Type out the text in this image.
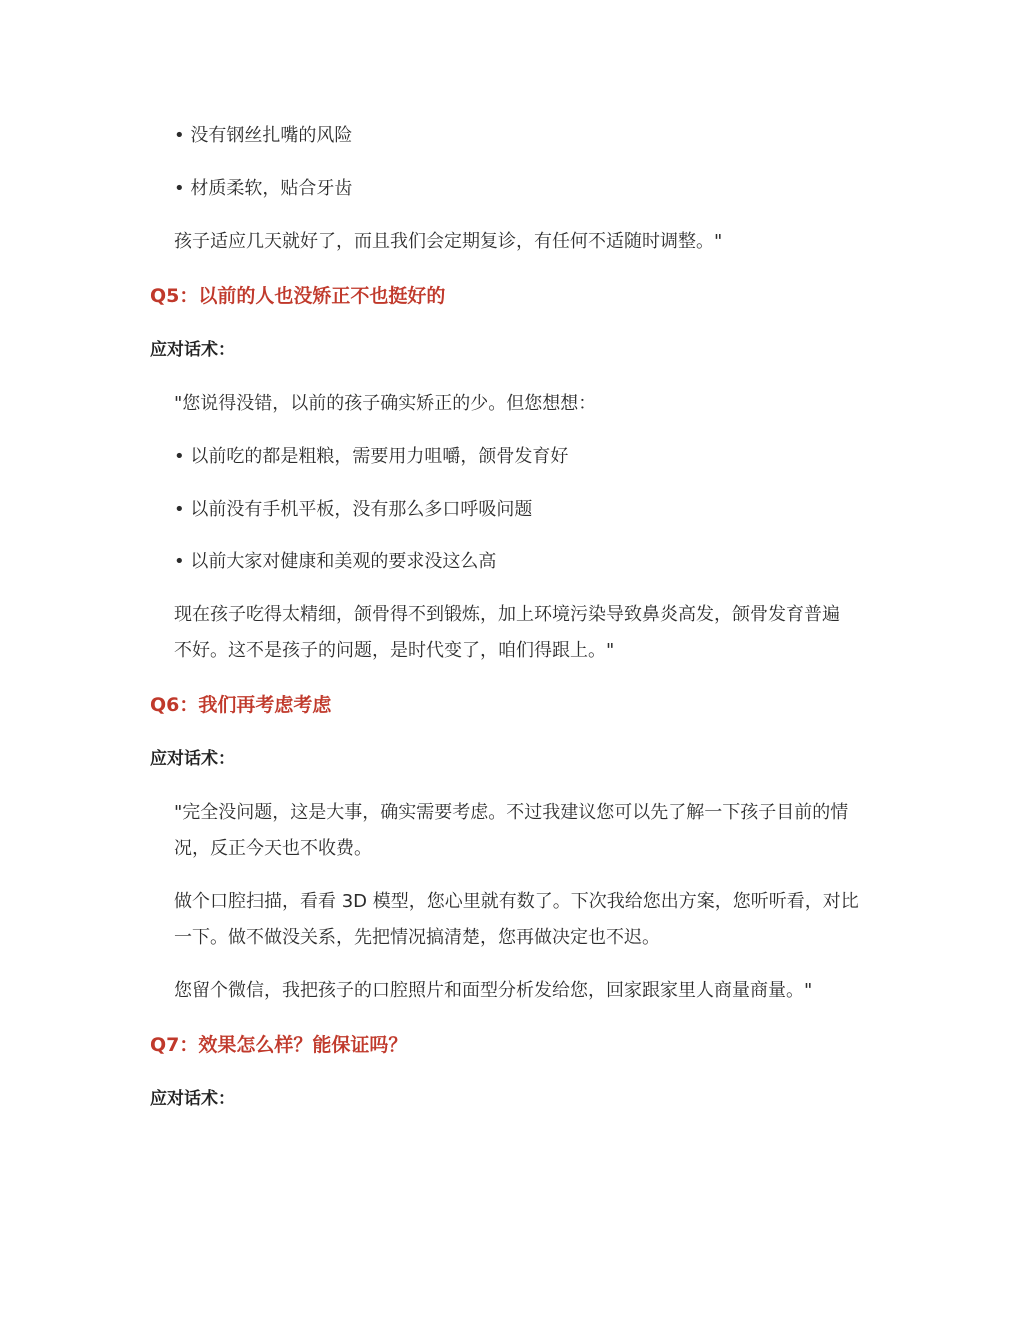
• 没有钢丝扎嘴的风险
• 材质柔软，贴合牙齿
孩子适应几天就好了，而且我们会定期复诊，有任何不适随时调整。"
Q5：以前的人也没矫正不也挺好的
应对话术：
"您说得没错，以前的孩子确实矫正的少。但您想想：
• 以前吃的都是粗粮，需要用力咀嚼，颌骨发育好
• 以前没有手机平板，没有那么多口呼吸问题
• 以前大家对健康和美观的要求没这么高
现在孩子吃得太精细，颌骨得不到锻炼，加上环境污染导致鼻炎高发，颌骨发育普遍
不好。这不是孩子的问题，是时代变了，咱们得跟上。"
Q6：我们再考虑考虑
应对话术：
"完全没问题，这是大事，确实需要考虑。不过我建议您可以先了解一下孩子目前的情
况，反正今天也不收费。
做个口腔扫描，看看 3D 模型，您心里就有数了。下次我给您出方案，您听听看，对比
一下。做不做没关系，先把情况搞清楚，您再做决定也不迟。
您留个微信，我把孩子的口腔照片和面型分析发给您，回家跟家里人商量商量。"
Q7：效果怎么样？能保证吗？
应对话术：
